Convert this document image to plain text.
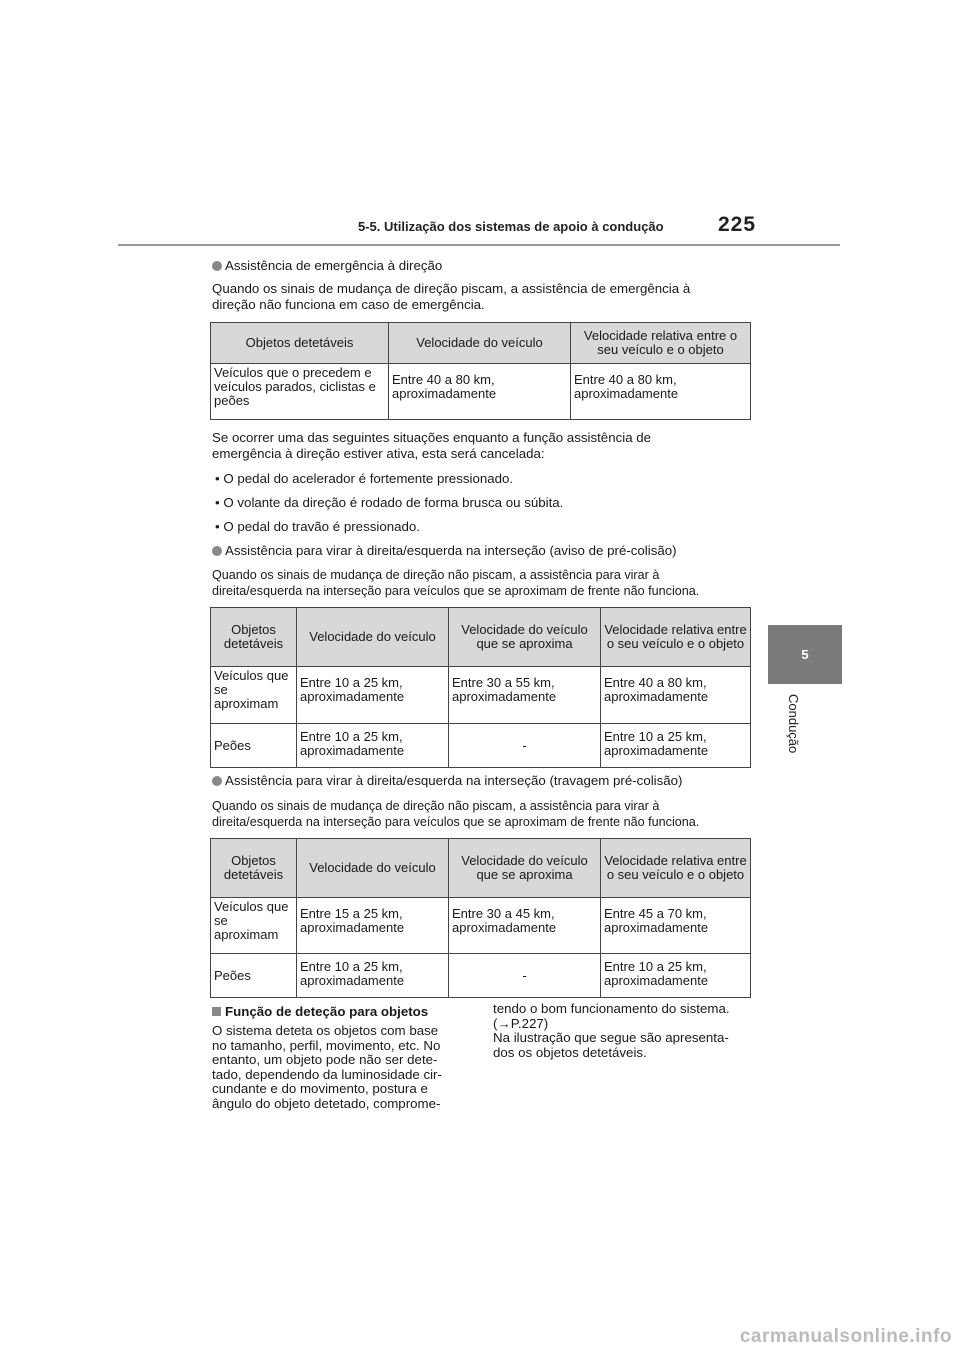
5-5. Utilização dos sistemas de apoio à condução	225
5
Condução
Assistência de emergência à direção
Quando os sinais de mudança de direção piscam, a assistência de emergência à
direção não funciona em caso de emergência.
Objetos detetáveis	Velocidade do veículo	Velocidade relativa entre o seu veículo e o objeto
Veículos que o precedem e veículos parados, ciclistas e peões	Entre 40 a 80 km, aproximadamente	Entre 40 a 80 km, aproximadamente
Se ocorrer uma das seguintes situações enquanto a função assistência de
emergência à direção estiver ativa, esta será cancelada:
• O pedal do acelerador é fortemente pressionado.
• O volante da direção é rodado de forma brusca ou súbita.
• O pedal do travão é pressionado.
Assistência para virar à direita/esquerda na interseção (aviso de pré-colisão)
Quando os sinais de mudança de direção não piscam, a assistência para virar à
direita/esquerda na interseção para veículos que se aproximam de frente não funciona.
Objetos detetáveis	Velocidade do veículo	Velocidade do veículo que se aproxima	Velocidade relativa entre o seu veículo e o objeto
Veículos que se aproximam	Entre 10 a 25 km, aproximadamente	Entre 30 a 55 km, aproximadamente	Entre 40 a 80 km, aproximadamente
Peões	Entre 10 a 25 km, aproximadamente	-	Entre 10 a 25 km, aproximadamente
Assistência para virar à direita/esquerda na interseção (travagem pré-colisão)
Quando os sinais de mudança de direção não piscam, a assistência para virar à
direita/esquerda na interseção para veículos que se aproximam de frente não funciona.
Objetos detetáveis	Velocidade do veículo	Velocidade do veículo que se aproxima	Velocidade relativa entre o seu veículo e o objeto
Veículos que se aproximam	Entre 15 a 25 km, aproximadamente	Entre 30 a 45 km, aproximadamente	Entre 45 a 70 km, aproximadamente
Peões	Entre 10 a 25 km, aproximadamente	-	Entre 10 a 25 km, aproximadamente
Função de deteção para objetos
O sistema deteta os objetos com base
no tamanho, perfil, movimento, etc. No
entanto, um objeto pode não ser dete-
tado, dependendo da luminosidade cir-
cundante e do movimento, postura e
ângulo do objeto detetado, comprome-
tendo o bom funcionamento do sistema.
(→P.227)
Na ilustração que segue são apresenta-
dos os objetos detetáveis.
carmanualsonline.info
